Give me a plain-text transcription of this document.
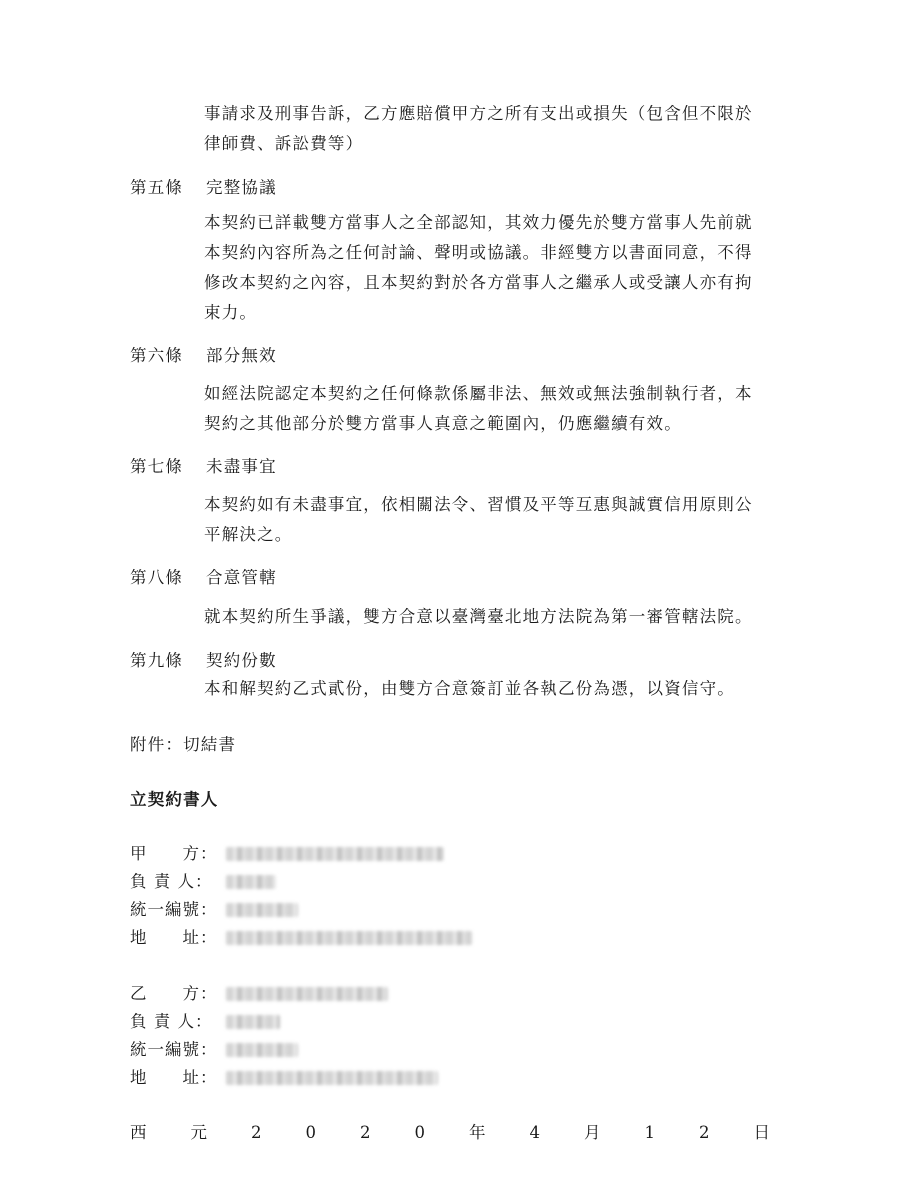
事請求及刑事告訴，乙方應賠償甲方之所有支出或損失（包含但不限於
律師費、訴訟費等）
第五條 完整協議
本契約已詳載雙方當事人之全部認知，其效力優先於雙方當事人先前就
本契約內容所為之任何討論、聲明或協議。非經雙方以書面同意，不得
修改本契約之內容，且本契約對於各方當事人之繼承人或受讓人亦有拘
束力。
第六條 部分無效
如經法院認定本契約之任何條款係屬非法、無效或無法強制執行者，本
契約之其他部分於雙方當事人真意之範圍內，仍應繼續有效。
第七條 未盡事宜
本契約如有未盡事宜，依相關法令、習慣及平等互惠與誠實信用原則公
平解決之。
第八條 合意管轄
就本契約所生爭議，雙方合意以臺灣臺北地方法院為第一審管轄法院。
第九條 契約份數
本和解契約乙式貳份，由雙方合意簽訂並各執乙份為憑，以資信守。
附件：切結書
立契約書人
甲　　方：
負 責 人：
統一編號：
地　　址：
乙　　方：
負 責 人：
統一編號：
地　　址：
西	元	2	0	2	0	年	4	月	1	2	日
